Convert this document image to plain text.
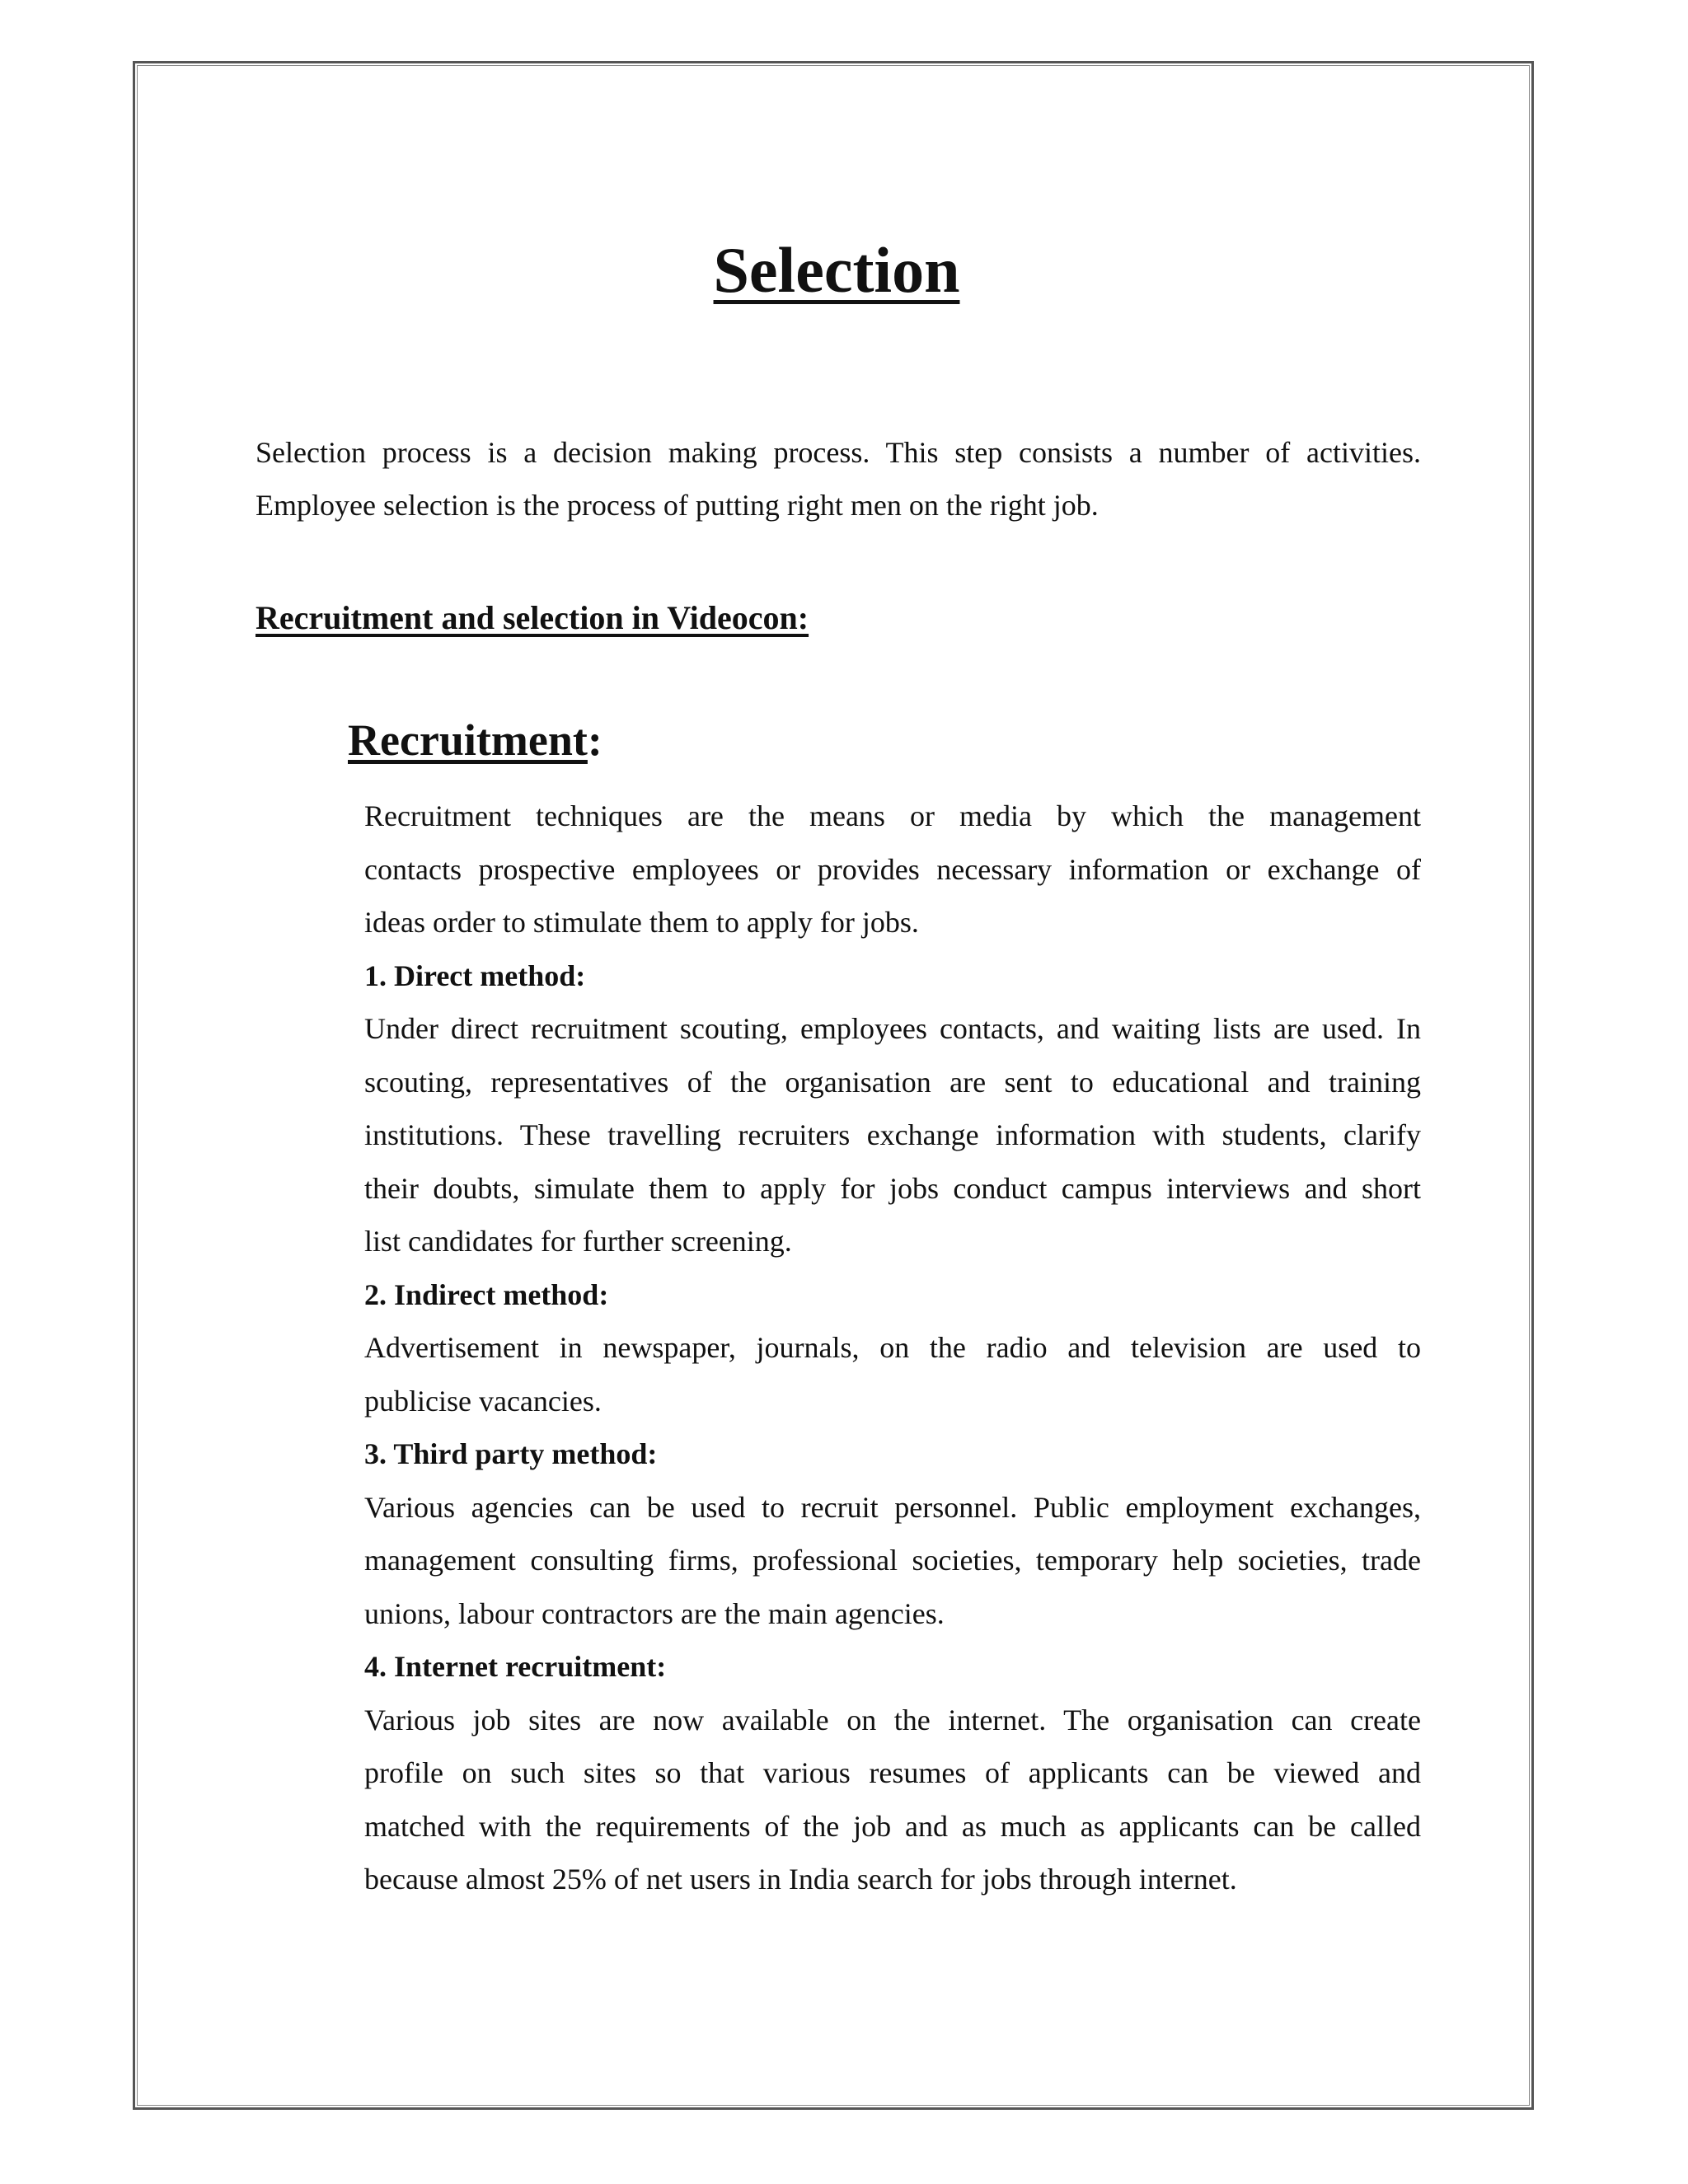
Selection

Selection process is a decision making process. This step consists a number of activities.
Employee selection is the process of putting right men on the right job.

Recruitment and selection in Videocon:
Recruitment:
Recruitment techniques are the means or media by which the management
contacts prospective employees or provides necessary information or exchange of
ideas order to stimulate them to apply for jobs.
1. Direct method:
Under direct recruitment scouting, employees contacts, and waiting lists are used. In
scouting, representatives of the organisation are sent to educational and training
institutions. These travelling recruiters exchange information with students, clarify
their doubts, simulate them to apply for jobs conduct campus interviews and short
list candidates for further screening.
2. Indirect method:
Advertisement in newspaper, journals, on the radio and television are used to
publicise vacancies.
3. Third party method:
Various agencies can be used to recruit personnel. Public employment exchanges,
management consulting firms, professional societies, temporary help societies, trade
unions, labour contractors are the main agencies.
4. Internet recruitment:
Various job sites are now available on the internet. The organisation can create
profile on such sites so that various resumes of applicants can be viewed and
matched with the requirements of the job and as much as applicants can be called
because almost 25% of net users in India search for jobs through internet.
